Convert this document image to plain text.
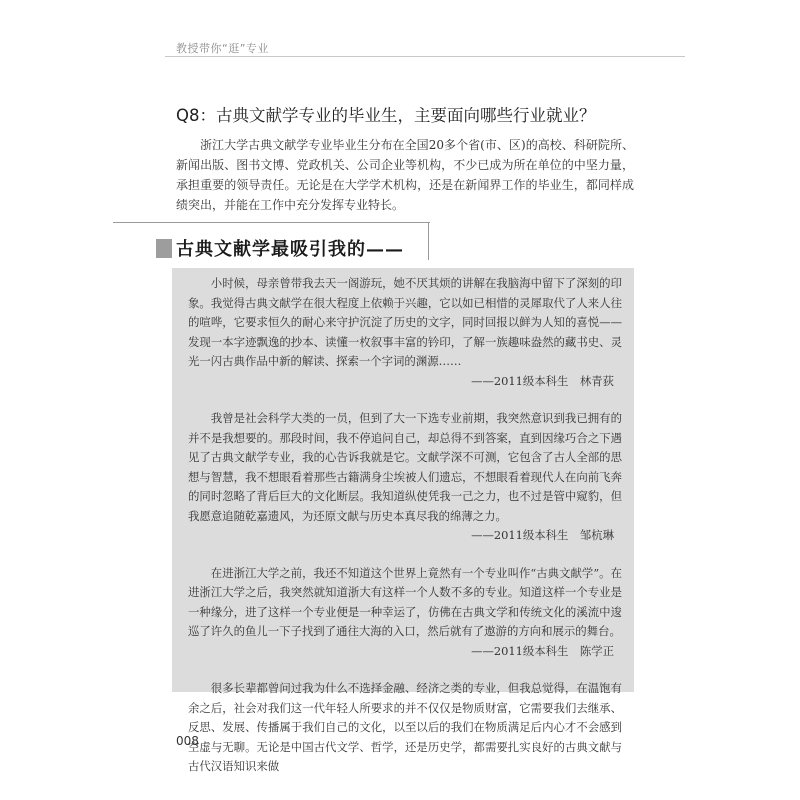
教授带你“逛”专业
Q8：古典文献学专业的毕业生，主要面向哪些行业就业？

浙江大学古典文献学专业毕业生分布在全国20多个省(市、区)的高校、科研院所、新闻出版、图书文博、党政机关、公司企业等机构，不少已成为所在单位的中坚力量，承担重要的领导责任。无论是在大学学术机构，还是在新闻界工作的毕业生，都同样成绩突出，并能在工作中充分发挥专业特长。

古典文献学最吸引我的——

小时候，母亲曾带我去天一阁游玩，她不厌其烦的讲解在我脑海中留下了深刻的印象。我觉得古典文献学在很大程度上依赖于兴趣，它以如已相惜的灵犀取代了人来人往的喧哗，它要求恒久的耐心来守护沉淀了历史的文字，同时回报以鲜为人知的喜悦——发现一本字迹飘逸的抄本、读懂一枚叙事丰富的钤印，了解一族趣味盎然的藏书史、灵光一闪古典作品中新的解读、探索一个字词的渊源……

——2011级本科生　林青荻

我曾是社会科学大类的一员，但到了大一下选专业前期，我突然意识到我已拥有的并不是我想要的。那段时间，我不停追问自己，却总得不到答案，直到因缘巧合之下遇见了古典文献学专业，我的心告诉我就是它。文献学深不可测，它包含了古人全部的思想与智慧，我不想眼看着那些古籍满身尘埃被人们遗忘，不想眼看着现代人在向前飞奔的同时忽略了背后巨大的文化断层。我知道纵使凭我一己之力，也不过是管中窥豹，但我愿意追随乾嘉遗风，为还原文献与历史本真尽我的绵薄之力。

——2011级本科生　邹杭琳

在进浙江大学之前，我还不知道这个世界上竟然有一个专业叫作“古典文献学”。在进浙江大学之后，我突然就知道浙大有这样一个人数不多的专业。知道这样一个专业是一种缘分，进了这样一个专业便是一种幸运了，仿佛在古典文学和传统文化的溪流中逡巡了许久的鱼儿一下子找到了通往大海的入口，然后就有了遨游的方向和展示的舞台。

——2011级本科生　陈学正

很多长辈都曾问过我为什么不选择金融、经济之类的专业，但我总觉得，在温饱有余之后，社会对我们这一代年轻人所要求的并不仅仅是物质财富，它需要我们去继承、反思、发展、传播属于我们自己的文化，以至以后的我们在物质满足后内心才不会感到空虚与无聊。无论是中国古代文学、哲学，还是历史学，都需要扎实良好的古典文献与古代汉语知识来做

008
